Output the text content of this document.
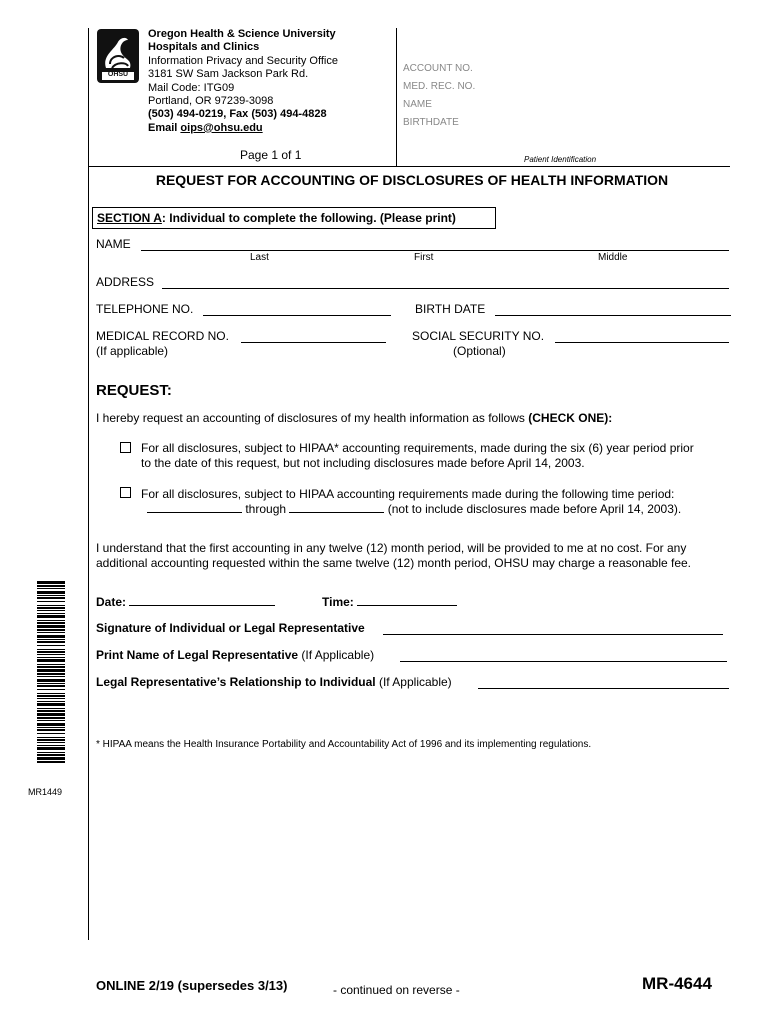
OHSU
Oregon Health & Science University
Hospitals and Clinics
Information Privacy and Security Office
3181 SW Sam Jackson Park Rd.
Mail Code: ITG09
Portland, OR 97239-3098
(503) 494-0219, Fax (503) 494-4828
Email oips@ohsu.edu
Page 1 of 1
ACCOUNT NO.
MED. REC. NO.
NAME
BIRTHDATE
Patient Identification
REQUEST FOR ACCOUNTING OF DISCLOSURES OF HEALTH INFORMATION
SECTION A: Individual to complete the following. (Please print)
NAME
Last	First	Middle
ADDRESS
TELEPHONE NO.	BIRTH DATE
MEDICAL RECORD NO.
(If applicable)
SOCIAL SECURITY NO.
(Optional)
REQUEST:
I hereby request an accounting of disclosures of my health information as follows (CHECK ONE):
For all disclosures, subject to HIPAA* accounting requirements, made during the six (6) year period prior
to the date of this request, but not including disclosures made before April 14, 2003.
For all disclosures, subject to HIPAA accounting requirements made during the following time period:
through	(not to include disclosures made before April 14, 2003).
I understand that the first accounting in any twelve (12) month period, will be provided to me at no cost. For any
additional accounting requested within the same twelve (12) month period, OHSU may charge a reasonable fee.
Date:	Time:
Signature of Individual or Legal Representative
Print Name of Legal Representative (If Applicable)
Legal Representative’s Relationship to Individual (If Applicable)
* HIPAA means the Health Insurance Portability and Accountability Act of 1996 and its implementing regulations.
MR1449
ONLINE 2/19 (supersedes 3/13)	- continued on reverse -	MR-4644
